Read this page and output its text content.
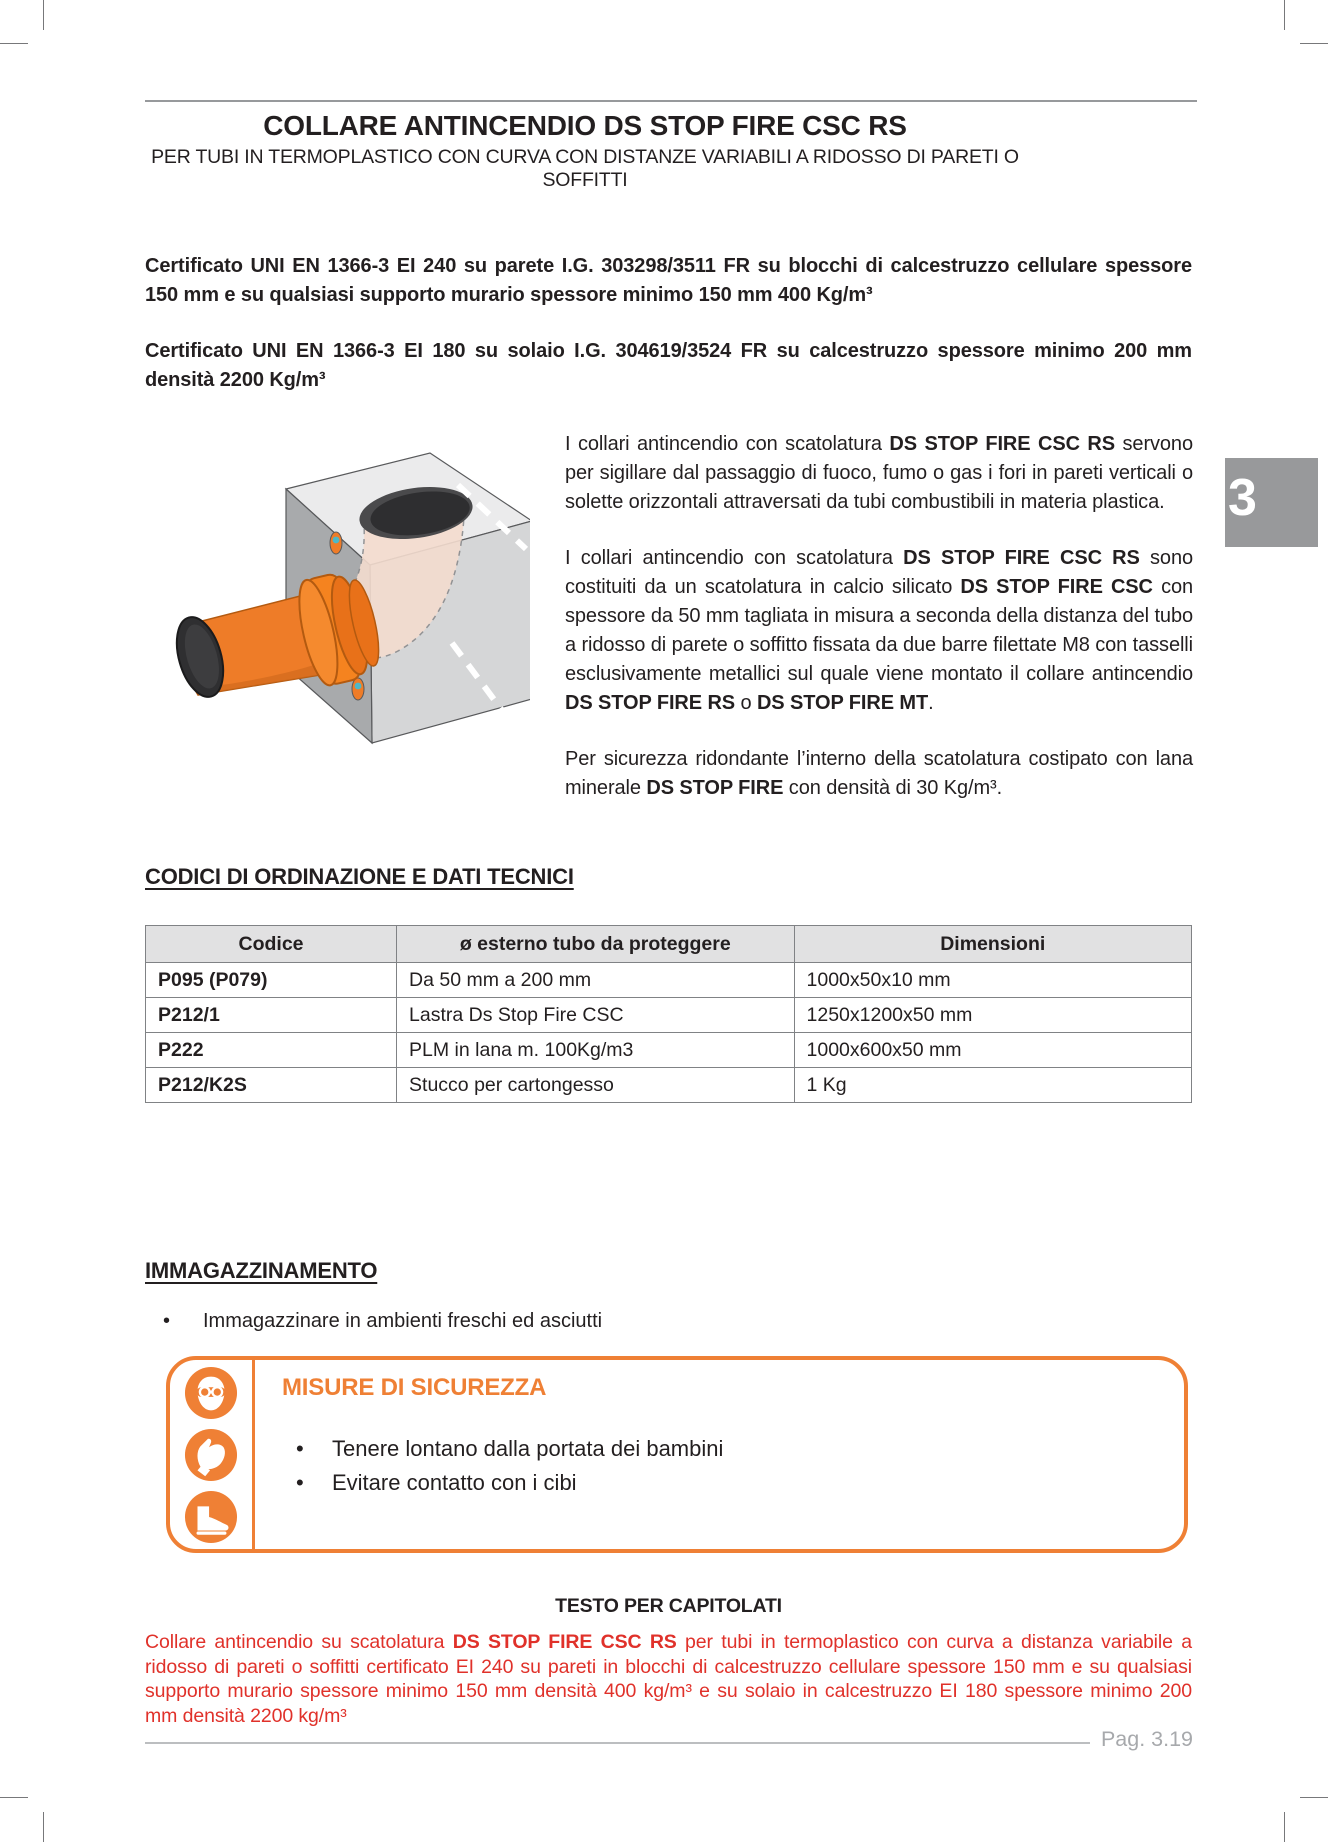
COLLARE ANTINCENDIO DS STOP FIRE CSC RS
PER TUBI IN TERMOPLASTICO CON CURVA CON DISTANZE VARIABILI A RIDOSSO DI PARETI O SOFFITTI

Certificato UNI EN 1366-3 EI 240 su parete I.G. 303298/3511 FR su blocchi di calcestruzzo cellulare spessore 150 mm e su qualsiasi supporto murario spessore minimo 150 mm 400 Kg/m³

Certificato UNI EN 1366-3 EI 180 su solaio I.G. 304619/3524 FR su calcestruzzo spessore minimo 200 mm densità 2200 Kg/m³

I collari antincendio con scatolatura DS STOP FIRE CSC RS servono per sigillare dal passaggio di fuoco, fumo o gas i fori in pareti verticali o solette orizzontali attraversati da tubi combustibili in materia plastica.

I collari antincendio con scatolatura DS STOP FIRE CSC RS sono costituiti da un scatolatura in calcio silicato DS STOP FIRE CSC con spessore da 50 mm tagliata in misura a seconda della distanza del tubo a ridosso di parete o soffitto fissata da due barre filettate M8 con tasselli esclusivamente metallici sul quale viene montato il collare antincendio DS STOP FIRE RS o DS STOP FIRE MT.

Per sicurezza ridondante l’interno della scatolatura costipato con lana minerale DS STOP FIRE con densità di 30 Kg/m³.

CODICI DI ORDINAZIONE E DATI TECNICI
Codice	ø esterno tubo da proteggere	Dimensioni
P095 (P079)	Da 50 mm a 200 mm	1000x50x10 mm
P212/1	Lastra Ds Stop Fire CSC	1250x1200x50 mm
P222	PLM in lana m. 100Kg/m3	1000x600x50 mm
P212/K2S	Stucco per cartongesso	1 Kg
IMMAGAZZINAMENTO
• Immagazzinare in ambienti freschi ed asciutti
MISURE DI SICUREZZA
• Tenere lontano dalla portata dei bambini
• Evitare contatto con i cibi
TESTO PER CAPITOLATI
Collare antincendio su scatolatura DS STOP FIRE CSC RS per tubi in termoplastico con curva a distanza variabile a ridosso di pareti o soffitti certificato EI 240 su pareti in blocchi di calcestruzzo cellulare spessore 150 mm e su qualsiasi supporto murario spessore minimo 150 mm densità 400 kg/m³ e su solaio in calcestruzzo EI 180 spessore minimo 200 mm densità 2200 kg/m³
Pag. 3.19
3
